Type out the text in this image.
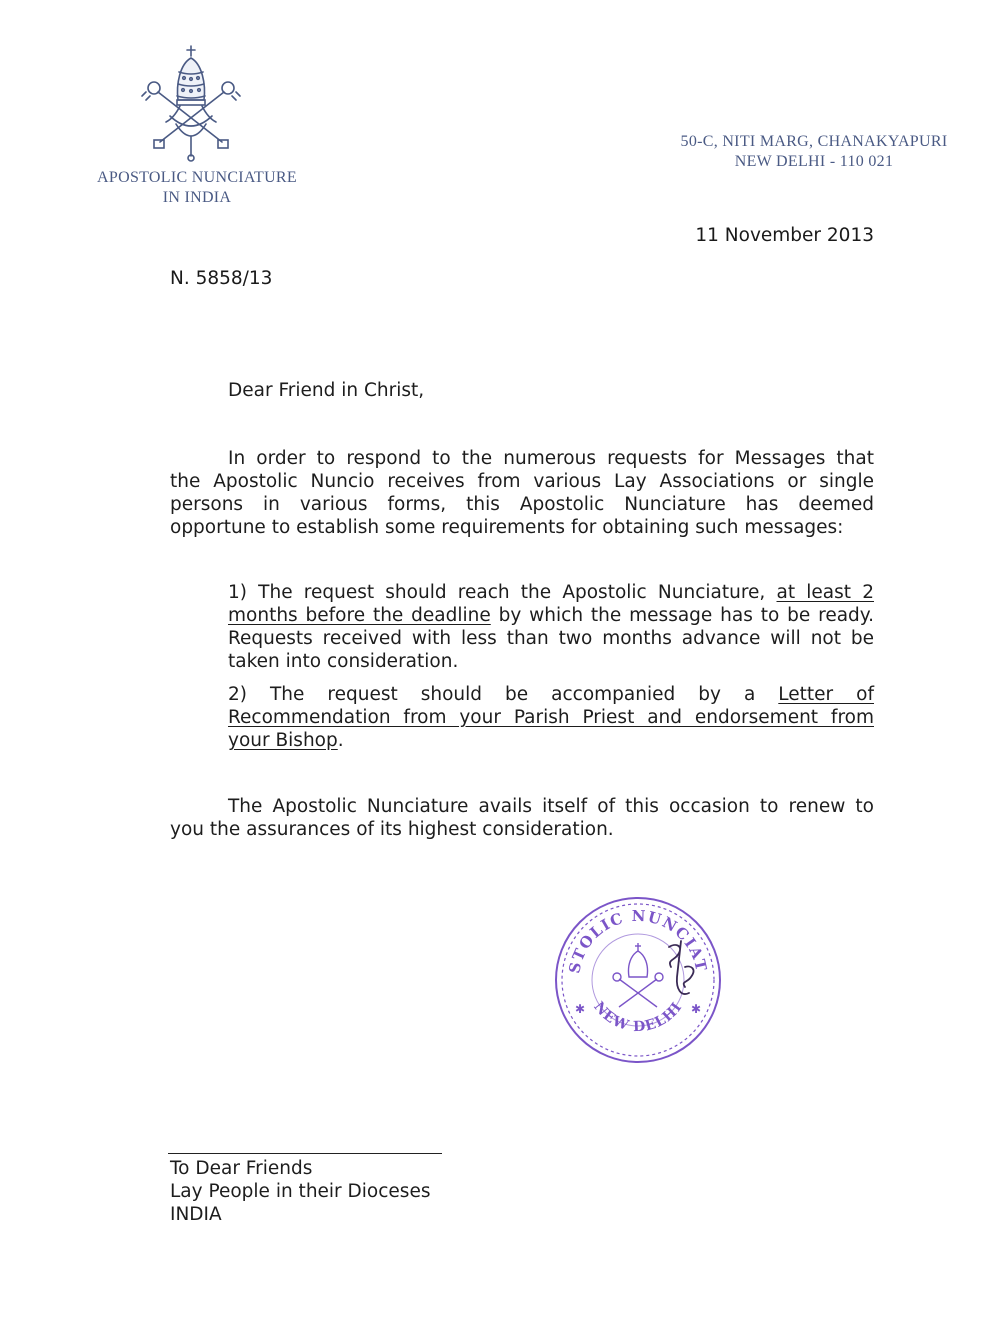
APOSTOLIC NUNCIATURE
IN INDIA
50-C, NITI MARG, CHANAKYAPURI
NEW DELHI - 110 021
11 November 2013
N. 5858/13
Dear Friend in Christ,
In order to respond to the numerous requests for Messages that
the Apostolic Nuncio receives from various Lay Associations or single
persons in various forms, this Apostolic Nunciature has deemed
opportune to establish some requirements for obtaining such messages:
1) The request should reach the Apostolic Nunciature, at least 2
months before the deadline by which the message has to be ready.
Requests received with less than two months advance will not be
taken into consideration.
2) The request should be accompanied by a Letter of
Recommendation from your Parish Priest and endorsement from
your Bishop.
The Apostolic Nunciature avails itself of this occasion to renew to
you the assurances of its highest consideration.
STOLIC NUNCIAT
NEW DELHI
✱	✱
To Dear Friends
Lay People in their Dioceses
INDIA
